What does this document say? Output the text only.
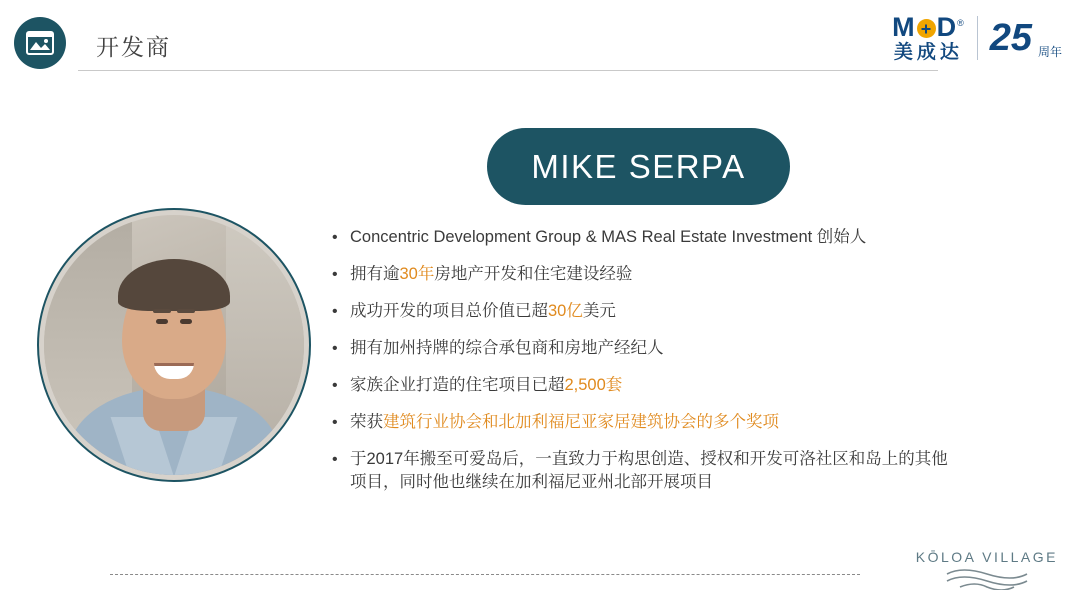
开发商
M D®
美成达 25 周年
MIKE SERPA
• Concentric Development Group & MAS Real Estate Investment 创始人
• 拥有逾30年房地产开发和住宅建设经验
• 成功开发的项目总价值已超30亿美元
• 拥有加州持牌的综合承包商和房地产经纪人
• 家族企业打造的住宅项目已超2,500套
• 荣获建筑行业协会和北加利福尼亚家居建筑协会的多个奖项
• 于2017年搬至可爱岛后，一直致力于构思创造、授权和开发可洛社区和岛上的其他项目，同时他也继续在加利福尼亚州北部开展项目
KŌLOA VILLAGE
